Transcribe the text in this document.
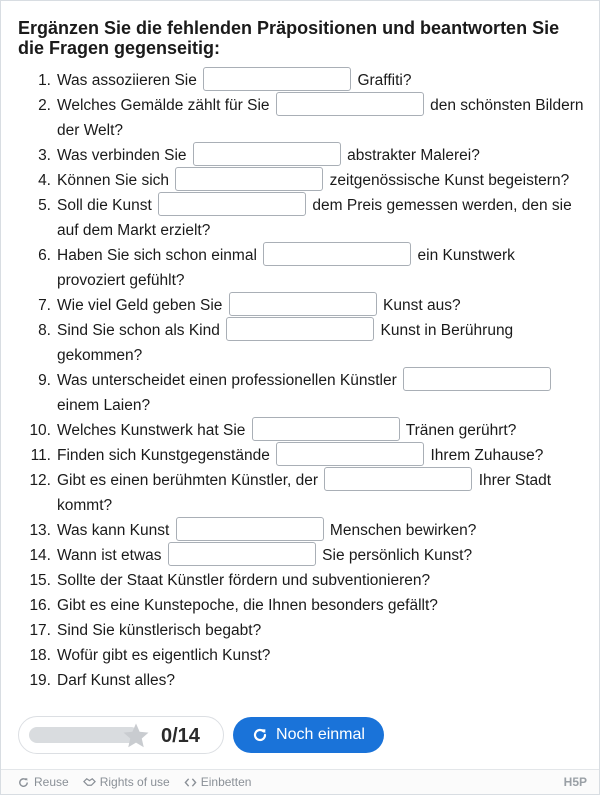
Ergänzen Sie die fehlenden Präpositionen und beantworten Sie die Fragen gegenseitig:
1. Was assoziieren Sie	Graffiti?
2. Welches Gemälde zählt für Sie	den schönsten Bildern der Welt?
3. Was verbinden Sie	abstrakter Malerei?
4. Können Sie sich	zeitgenössische Kunst begeistern?
5. Soll die Kunst	dem Preis gemessen werden, den sie auf dem Markt erzielt?
6. Haben Sie sich schon einmal	ein Kunstwerk provoziert gefühlt?
7. Wie viel Geld geben Sie	Kunst aus?
8. Sind Sie schon als Kind	Kunst in Berührung gekommen?
9. Was unterscheidet einen professionellen Künstler  einem Laien?
10. Welches Kunstwerk hat Sie	Tränen gerührt?
11. Finden sich Kunstgegenstände	Ihrem Zuhause?
12. Gibt es einen berühmten Künstler, der	Ihrer Stadt kommt?
13. Was kann Kunst	Menschen bewirken?
14. Wann ist etwas	Sie persönlich Kunst?
15. Sollte der Staat Künstler fördern und subventionieren?
16. Gibt es eine Kunstepoche, die Ihnen besonders gefällt?
17. Sind Sie künstlerisch begabt?
18. Wofür gibt es eigentlich Kunst?
19. Darf Kunst alles?
0/14	Noch einmal
Reuse	Rights of use	Einbetten	H5P
